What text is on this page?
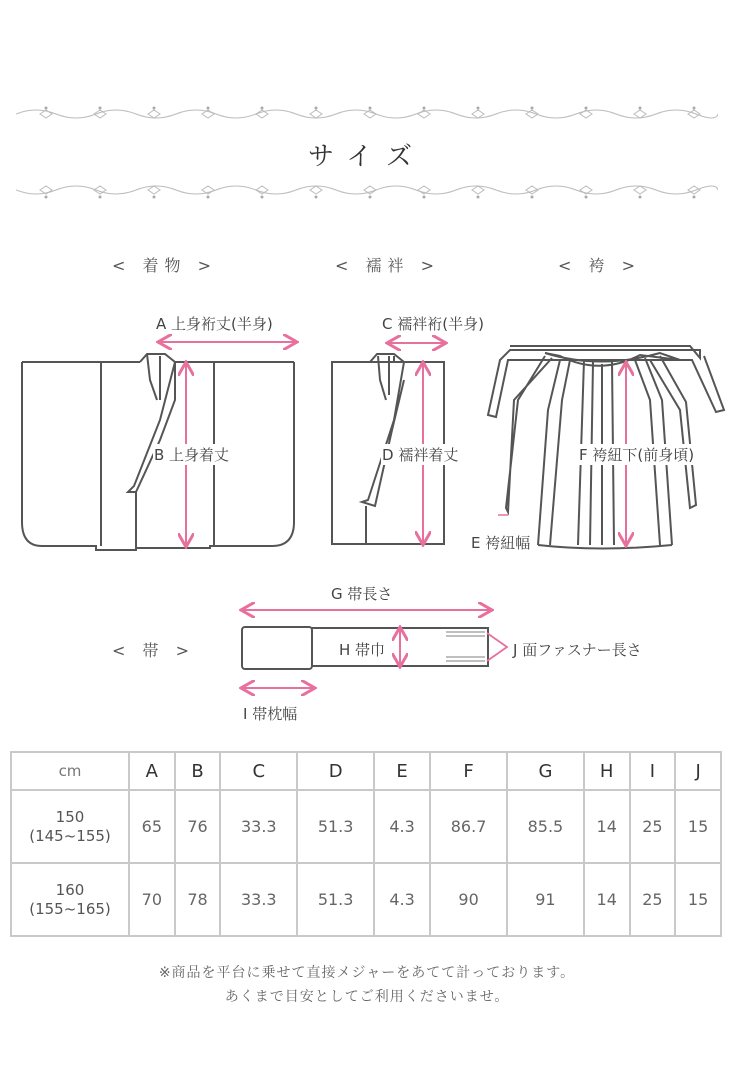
サイズ
< 着物 >	< 襦袢 >	< 袴 >
< 帯 >
A 上身裄丈(半身)
B 上身着丈
C 襦袢裄(半身)
D 襦袢着丈
E 袴紐幅
F 袴紐下(前身頃)
G 帯長さ
H 帯巾
I 帯枕幅
J 面ファスナー長さ
cm	A	B	C	D	E	F	G	H	I	J

150
(145~155)	65	76	33.3	51.3	4.3	86.7	85.5	14	25	15

160
(155~165)	70	78	33.3	51.3	4.3	90	91	14	25	15
※商品を平台に乗せて直接メジャーをあてて計っております。
あくまで目安としてご利用くださいませ。
